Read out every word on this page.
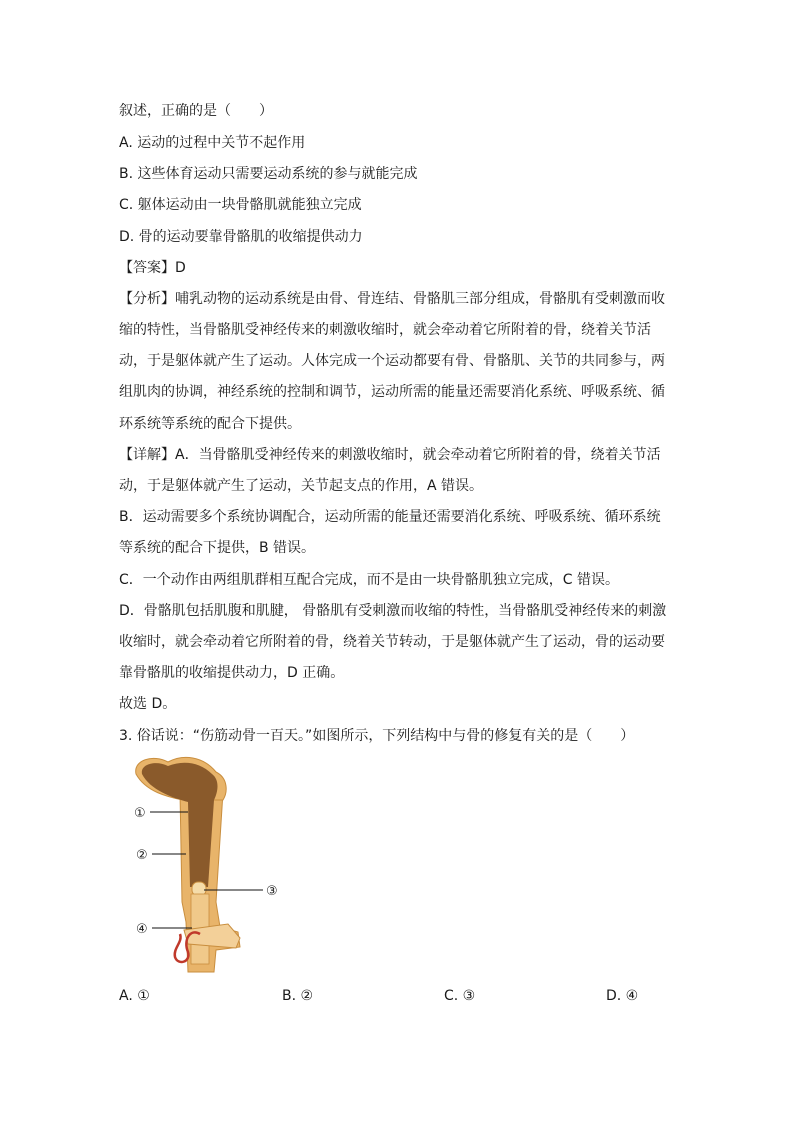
叙述，正确的是（　　）
A. 运动的过程中关节不起作用
B. 这些体育运动只需要运动系统的参与就能完成
C. 躯体运动由一块骨骼肌就能独立完成
D. 骨的运动要靠骨骼肌的收缩提供动力
【答案】D
【分析】哺乳动物的运动系统是由骨、骨连结、骨骼肌三部分组成，骨骼肌有受刺激而收
缩的特性，当骨骼肌受神经传来的刺激收缩时，就会牵动着它所附着的骨，绕着关节活
动，于是躯体就产生了运动。人体完成一个运动都要有骨、骨骼肌、关节的共同参与，两
组肌肉的协调，神经系统的控制和调节，运动所需的能量还需要消化系统、呼吸系统、循
环系统等系统的配合下提供。
【详解】A．当骨骼肌受神经传来的刺激收缩时，就会牵动着它所附着的骨，绕着关节活
动，于是躯体就产生了运动，关节起支点的作用，A 错误。
B．运动需要多个系统协调配合，运动所需的能量还需要消化系统、呼吸系统、循环系统
等系统的配合下提供，B 错误。
C．一个动作由两组肌群相互配合完成，而不是由一块骨骼肌独立完成，C 错误。
D．骨骼肌包括肌腹和肌腱， 骨骼肌有受刺激而收缩的特性，当骨骼肌受神经传来的刺激
收缩时，就会牵动着它所附着的骨，绕着关节转动，于是躯体就产生了运动，骨的运动要
靠骨骼肌的收缩提供动力，D 正确。
故选 D。
3. 俗话说：“伤筋动骨一百天。”如图所示，下列结构中与骨的修复有关的是（　　）
①
②
③
④
A. ①	B. ②	C. ③	D. ④
